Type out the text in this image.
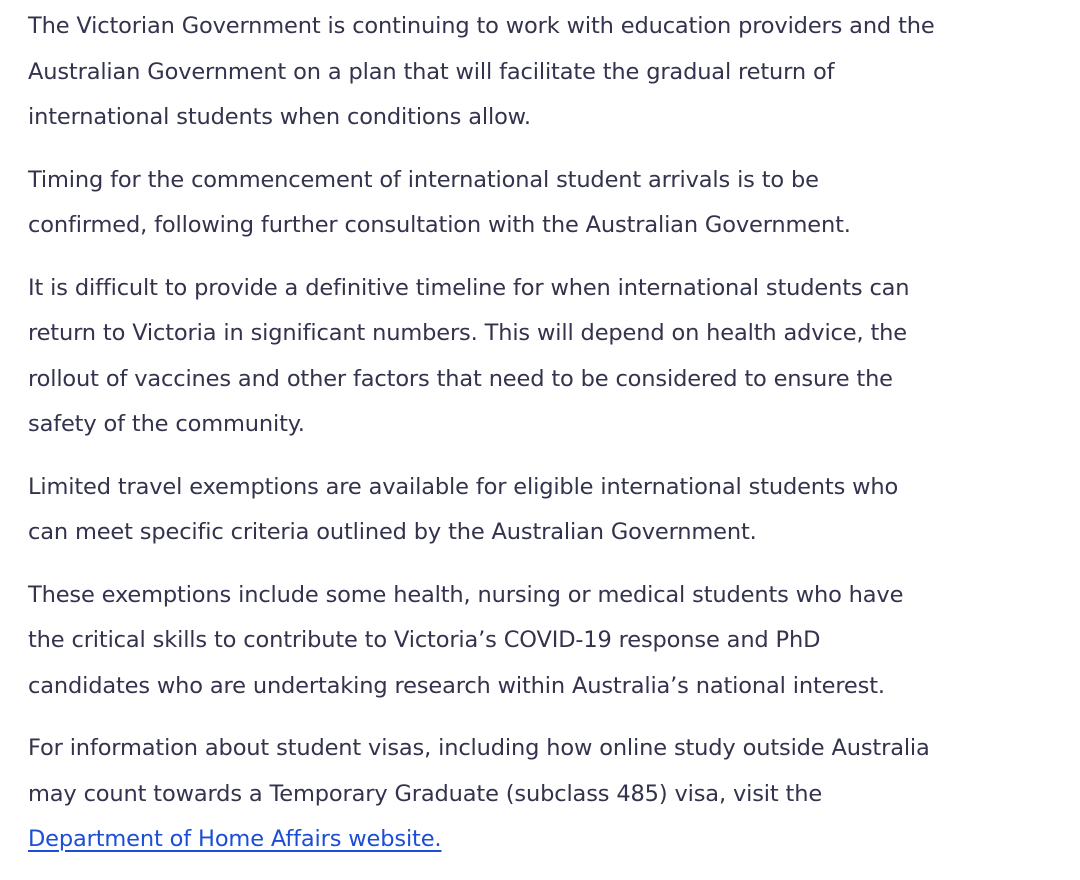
The Victorian Government is continuing to work with education providers and the
Australian Government on a plan that will facilitate the gradual return of
international students when conditions allow.

Timing for the commencement of international student arrivals is to be
confirmed, following further consultation with the Australian Government.

It is difficult to provide a definitive timeline for when international students can
return to Victoria in significant numbers. This will depend on health advice, the
rollout of vaccines and other factors that need to be considered to ensure the
safety of the community.

Limited travel exemptions are available for eligible international students who
can meet specific criteria outlined by the Australian Government.

These exemptions include some health, nursing or medical students who have
the critical skills to contribute to Victoria’s COVID-19 response and PhD
candidates who are undertaking research within Australia’s national interest.

For information about student visas, including how online study outside Australia
may count towards a Temporary Graduate (subclass 485) visa, visit the
Department of Home Affairs website.
